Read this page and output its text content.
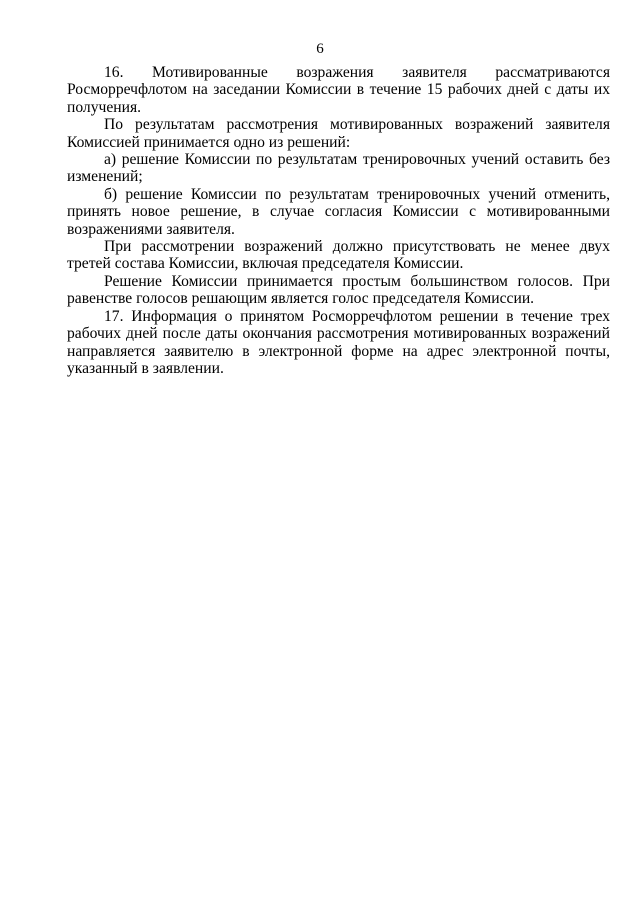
6

16. Мотивированные возражения заявителя рассматриваются Росморречфлотом на заседании Комиссии в течение 15 рабочих дней с даты их получения.

По результатам рассмотрения мотивированных возражений заявителя Комиссией принимается одно из решений:

а) решение Комиссии по результатам тренировочных учений оставить без изменений;

б) решение Комиссии по результатам тренировочных учений отменить, принять новое решение, в случае согласия Комиссии с мотивированными возражениями заявителя.

При рассмотрении возражений должно присутствовать не менее двух третей состава Комиссии, включая председателя Комиссии.

Решение Комиссии принимается простым большинством голосов. При равенстве голосов решающим является голос председателя Комиссии.

17. Информация о принятом Росморречфлотом решении в течение трех рабочих дней после даты окончания рассмотрения мотивированных возражений направляется заявителю в электронной форме на адрес электронной почты, указанный в заявлении.
